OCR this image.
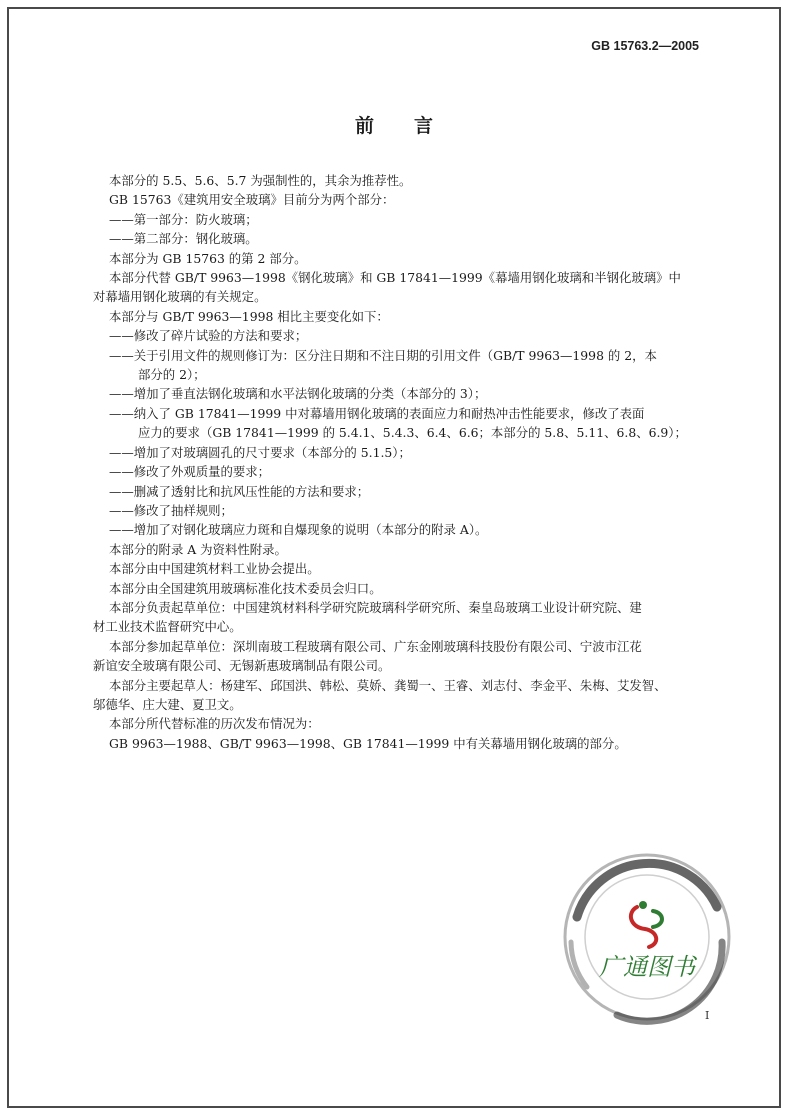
GB 15763.2—2005
前言

本部分的 5.5、5.6、5.7 为强制性的，其余为推荐性。

GB 15763《建筑用安全玻璃》目前分为两个部分：

——第一部分：防火玻璃；

——第二部分：钢化玻璃。

本部分为 GB 15763 的第 2 部分。

本部分代替 GB/T 9963—1998《钢化玻璃》和 GB 17841—1999《幕墙用钢化玻璃和半钢化玻璃》中

对幕墙用钢化玻璃的有关规定。

本部分与 GB/T 9963—1998 相比主要变化如下：

——修改了碎片试验的方法和要求；

——关于引用文件的规则修订为：区分注日期和不注日期的引用文件（GB/T 9963—1998 的 2，本

部分的 2）；

——增加了垂直法钢化玻璃和水平法钢化玻璃的分类（本部分的 3）；

——纳入了 GB 17841—1999 中对幕墙用钢化玻璃的表面应力和耐热冲击性能要求，修改了表面

应力的要求（GB 17841—1999 的 5.4.1、5.4.3、6.4、6.6；本部分的 5.8、5.11、6.8、6.9）；

——增加了对玻璃圆孔的尺寸要求（本部分的 5.1.5）；

——修改了外观质量的要求；

——删减了透射比和抗风压性能的方法和要求；

——修改了抽样规则；

——增加了对钢化玻璃应力斑和自爆现象的说明（本部分的附录 A）。

本部分的附录 A 为资料性附录。

本部分由中国建筑材料工业协会提出。

本部分由全国建筑用玻璃标准化技术委员会归口。

本部分负责起草单位：中国建筑材料科学研究院玻璃科学研究所、秦皇岛玻璃工业设计研究院、建

材工业技术监督研究中心。

本部分参加起草单位：深圳南玻工程玻璃有限公司、广东金刚玻璃科技股份有限公司、宁波市江花

新谊安全玻璃有限公司、无锡新惠玻璃制品有限公司。

本部分主要起草人：杨建军、邱国洪、韩松、莫娇、龚蜀一、王睿、刘志付、李金平、朱梅、艾发智、

邬德华、庄大建、夏卫文。

本部分所代替标准的历次发布情况为：

GB 9963—1988、GB/T 9963—1998、GB 17841—1999 中有关幕墙用钢化玻璃的部分。

广通图书
I
